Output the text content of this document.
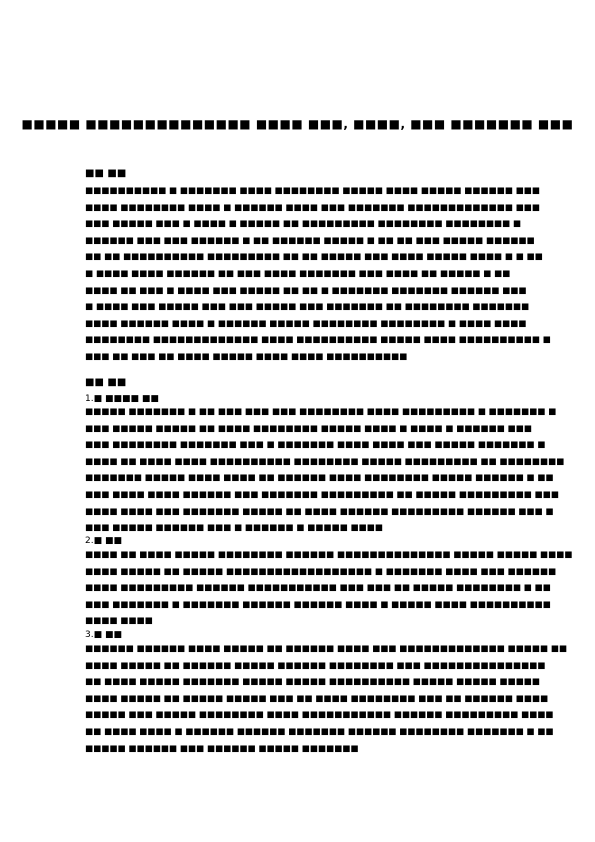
■■■■■ ■■■■■■■■■■■■■■ ■■■■ ■■■, ■■■■, ■■■ ■■■■■■■ ■■■
■■ ■■
■■■■■■■■■■ ■ ■■■■■■■ ■■■■ ■■■■■■■■ ■■■■■ ■■■■ ■■■■■ ■■■■■■ ■■■
■■■■ ■■■■■■■■ ■■■■ ■ ■■■■■■ ■■■■ ■■■ ■■■■■■■ ■■■■■■■■■■■■■ ■■■
■■■ ■■■■■ ■■■ ■ ■■■■ ■ ■■■■■ ■■ ■■■■■■■■■ ■■■■■■■■ ■■■■■■■■ ■
■■■■■■ ■■■ ■■■ ■■■■■■ ■ ■■ ■■■■■■ ■■■■■ ■ ■■ ■■ ■■■ ■■■■■ ■■■■■■
■■ ■■ ■■■■■■■■■■ ■■■■■■■■■ ■■ ■■ ■■■■■ ■■■ ■■■■ ■■■■■ ■■■■ ■ ■ ■■
■ ■■■■ ■■■■ ■■■■■■ ■■ ■■■ ■■■■ ■■■■■■■ ■■■ ■■■■ ■■ ■■■■■ ■ ■■
■■■■ ■■ ■■■ ■ ■■■■ ■■■ ■■■■■ ■■ ■■ ■ ■■■■■■■ ■■■■■■■ ■■■■■■ ■■■
■ ■■■■ ■■■ ■■■■■ ■■■ ■■■ ■■■■■ ■■■ ■■■■■■■ ■■ ■■■■■■■■ ■■■■■■■
■■■■ ■■■■■■ ■■■■ ■ ■■■■■■ ■■■■■ ■■■■■■■■ ■■■■■■■■ ■ ■■■■ ■■■■
■■■■■■■■ ■■■■■■■■■■■■■ ■■■■ ■■■■■■■■■■ ■■■■■ ■■■■ ■■■■■■■■■■ ■
■■■ ■■ ■■■ ■■ ■■■■ ■■■■■ ■■■■ ■■■■ ■■■■■■■■■■
■■ ■■
1.■ ■■■■ ■■
■■■■■ ■■■■■■■ ■ ■■ ■■■ ■■■ ■■■ ■■■■■■■■ ■■■■ ■■■■■■■■■ ■ ■■■■■■■ ■
■■■ ■■■■■ ■■■■■ ■■ ■■■■ ■■■■■■■■ ■■■■■ ■■■■ ■ ■■■■ ■ ■■■■■■ ■■■
■■■ ■■■■■■■■ ■■■■■■■ ■■■ ■ ■■■■■■■ ■■■■ ■■■■ ■■■ ■■■■■ ■■■■■■■ ■
■■■■ ■■ ■■■■ ■■■■ ■■■■■■■■■■ ■■■■■■■■ ■■■■■ ■■■■■■■■■ ■■ ■■■■■■■■
■■■■■■■ ■■■■■ ■■■■ ■■■■ ■■ ■■■■■■ ■■■■ ■■■■■■■■ ■■■■■ ■■■■■■ ■ ■■
■■■ ■■■■ ■■■■ ■■■■■■ ■■■ ■■■■■■■ ■■■■■■■■■ ■■ ■■■■■ ■■■■■■■■■ ■■■
■■■■ ■■■■ ■■■ ■■■■■■■ ■■■■■ ■■ ■■■■ ■■■■■■ ■■■■■■■■■ ■■■■■■ ■■■ ■
■■■ ■■■■■ ■■■■■■ ■■■ ■ ■■■■■■ ■ ■■■■■ ■■■■
2.■ ■■
■■■■ ■■ ■■■■ ■■■■■ ■■■■■■■■ ■■■■■■ ■■■■■■■■■■■■■■ ■■■■■ ■■■■■ ■■■■
■■■■ ■■■■■ ■■ ■■■■■ ■■■■■■■■■■■■■■■■■■ ■ ■■■■■■■ ■■■■ ■■■ ■■■■■■
■■■■ ■■■■■■■■■ ■■■■■■ ■■■■■■■■■■■ ■■■ ■■■ ■■ ■■■■■ ■■■■■■■■ ■ ■■
■■■ ■■■■■■■ ■ ■■■■■■■ ■■■■■■ ■■■■■■ ■■■■ ■ ■■■■■ ■■■■ ■■■■■■■■■■
■■■■ ■■■■
3.■ ■■
■■■■■■ ■■■■■■ ■■■■ ■■■■■ ■■ ■■■■■■ ■■■■ ■■■ ■■■■■■■■■■■■■ ■■■■■ ■■
■■■■ ■■■■■ ■■ ■■■■■■ ■■■■■ ■■■■■■ ■■■■■■■■ ■■■ ■■■■■■■■■■■■■■■
■■ ■■■■ ■■■■■ ■■■■■■■ ■■■■■ ■■■■■ ■■■■■■■■■■ ■■■■■ ■■■■■ ■■■■■
■■■■ ■■■■■ ■■ ■■■■■ ■■■■■ ■■■ ■■ ■■■■ ■■■■■■■■ ■■■ ■■ ■■■■■■ ■■■■
■■■■■ ■■■ ■■■■■ ■■■■■■■■ ■■■■ ■■■■■■■■■■■ ■■■■■■ ■■■■■■■■■ ■■■■
■■ ■■■■ ■■■■ ■ ■■■■■■ ■■■■■■ ■■■■■■■ ■■■■■■ ■■■■■■■■ ■■■■■■■ ■ ■■
■■■■■ ■■■■■■ ■■■ ■■■■■■ ■■■■■ ■■■■■■■
